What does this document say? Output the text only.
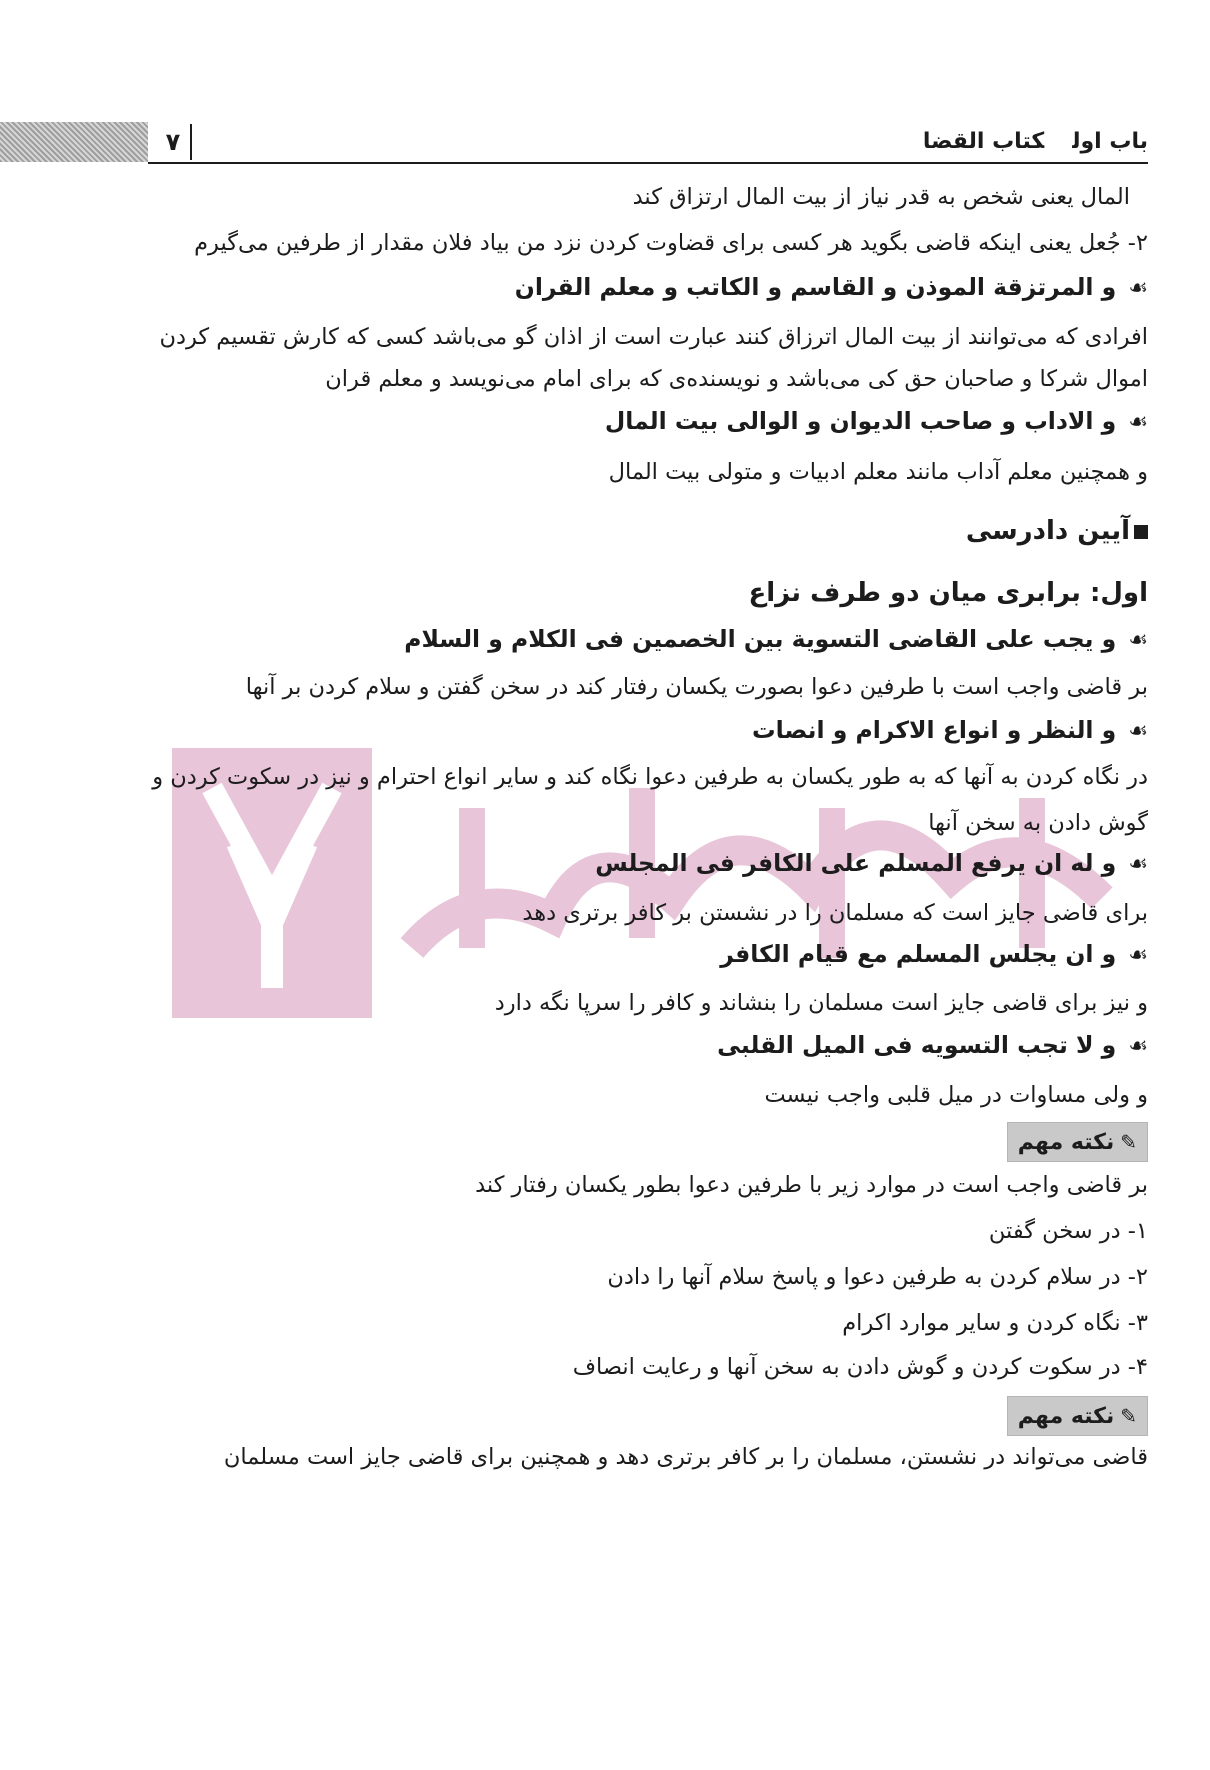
۷	باب اولکتاب القضا
المال یعنی شخص به قدر نیاز از بیت المال ارتزاق کند
۲- جُعل یعنی اینکه قاضی بگوید هر کسی برای قضاوت کردن نزد من بیاد فلان مقدار از طرفین می‌گیرم
☙و المرتزقة الموذن و القاسم و الکاتب و معلم القران
افرادی که می‌توانند از بیت المال اترزاق کنند عبارت است از اذان گو می‌باشد کسی که کارش تقسیم کردن
اموال شرکا و صاحبان حق کی می‌باشد و نویسنده‌ی که برای امام می‌نویسد و معلم قران
☙و الاداب و صاحب الدیوان و الوالی بیت المال
و همچنین معلم آداب مانند معلم ادبیات و متولی بیت المال
آیین دادرسی
اول: برابری میان دو طرف نزاع
☙و یجب علی القاضی التسویة بین الخصمین فی الکلام و السلام
بر قاضی واجب است با طرفین دعوا بصورت یکسان رفتار کند در سخن گفتن و سلام کردن بر آنها
☙و النظر و انواع الاکرام و انصات
در نگاه کردن به آنها که به طور یکسان به طرفین دعوا نگاه کند و سایر انواع احترام و نیز در سکوت کردن و
گوش دادن به سخن آنها
☙و له ان یرفع المسلم علی الکافر فی المجلس
برای قاضی جایز است که مسلمان را در نشستن بر کافر برتری دهد
☙و ان یجلس المسلم مع قیام الکافر
و نیز برای قاضی جایز است مسلمان را بنشاند و کافر را سرپا نگه دارد
☙و لا تجب التسویه فی المیل القلبی
و ولی مساوات در میل قلبی واجب نیست
✎نکته مهم
بر قاضی واجب است در موارد زیر با طرفین دعوا بطور یکسان رفتار کند
۱- در سخن گفتن
۲- در سلام کردن به طرفین دعوا و پاسخ سلام آنها را دادن
۳- نگاه کردن و سایر موارد اکرام
۴- در سکوت کردن و گوش دادن به سخن آنها و رعایت انصاف
✎نکته مهم
قاضی می‌تواند در نشستن، مسلمان را بر کافر برتری دهد و همچنین برای قاضی جایز است مسلمان
